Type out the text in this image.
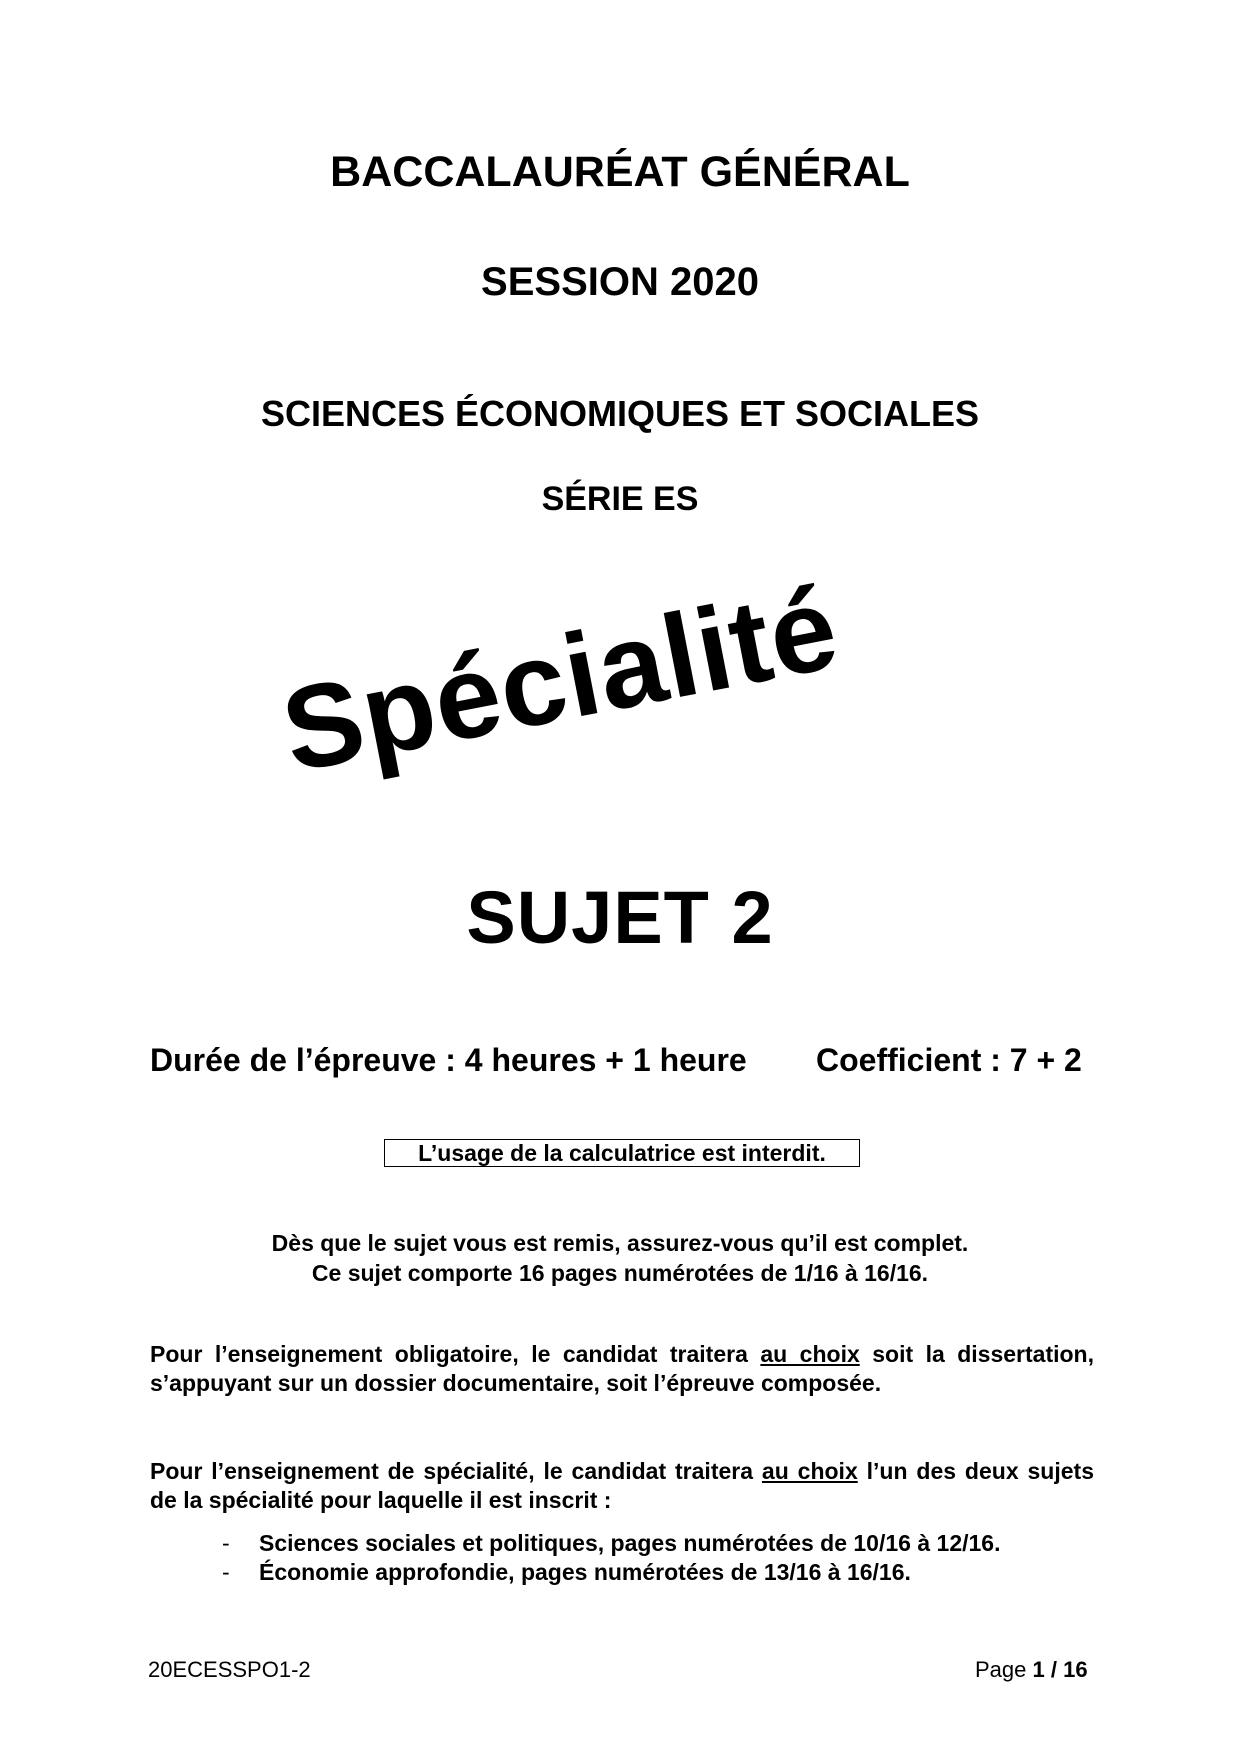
BACCALAURÉAT GÉNÉRAL
SESSION 2020
SCIENCES ÉCONOMIQUES ET SOCIALES
SÉRIE ES
Spécialité
SUJET 2
Durée de l’épreuve : 4 heures + 1 heure Coefficient : 7 + 2
L’usage de la calculatrice est interdit.
Dès que le sujet vous est remis, assurez-vous qu’il est complet.
Ce sujet comporte 16 pages numérotées de 1/16 à 16/16.
Pour l’enseignement obligatoire, le candidat traitera au choix soit la dissertation, s’appuyant sur un dossier documentaire, soit l’épreuve composée.
Pour l’enseignement de spécialité, le candidat traitera au choix l’un des deux sujets de la spécialité pour laquelle il est inscrit :
- Sciences sociales et politiques, pages numérotées de 10/16 à 12/16.
- Économie approfondie, pages numérotées de 13/16 à 16/16.
20ECESSPO1-2	Page 1 / 16
